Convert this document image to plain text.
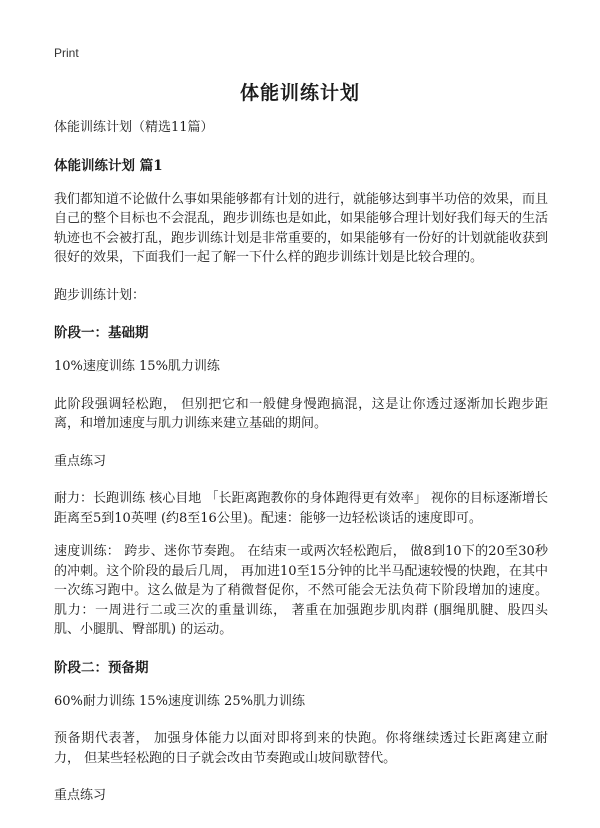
Print
体能训练计划

体能训练计划（精选11篇）

体能训练计划 篇1

我们都知道不论做什么事如果能够都有计划的进行，就能够达到事半功倍的效果，而且自己的整个目标也不会混乱，跑步训练也是如此，如果能够合理计划好我们每天的生活轨迹也不会被打乱，跑步训练计划是非常重要的，如果能够有一份好的计划就能收获到很好的效果，下面我们一起了解一下什么样的跑步训练计划是比较合理的。

跑步训练计划：

阶段一：基础期

10%速度训练 15%肌力训练

此阶段强调轻松跑， 但别把它和一般健身慢跑搞混，这是让你透过逐渐加长跑步距离，和增加速度与肌力训练来建立基础的期间。

重点练习

耐力：长跑训练 核心目地 「长距离跑教你的身体跑得更有效率」 视你的目标逐渐增长距离至5到10英哩 (约8至16公里)。配速：能够一边轻松谈话的速度即可。

速度训练： 跨步、迷你节奏跑。 在结束一或两次轻松跑后， 做8到10下的20至30秒的冲刺。这个阶段的最后几周， 再加进10至15分钟的比半马配速较慢的快跑，在其中一次练习跑中。这么做是为了稍微督促你，不然可能会无法负荷下阶段增加的速度。 肌力：一周进行二或三次的重量训练， 著重在加强跑步肌肉群 (腘绳肌腱、股四头肌、小腿肌、臀部肌) 的运动。

阶段二：预备期

60%耐力训练 15%速度训练 25%肌力训练

预备期代表著， 加强身体能力以面对即将到来的快跑。你将继续透过长距离建立耐力， 但某些轻松跑的日子就会改由节奏跑或山坡间歇替代。

重点练习
